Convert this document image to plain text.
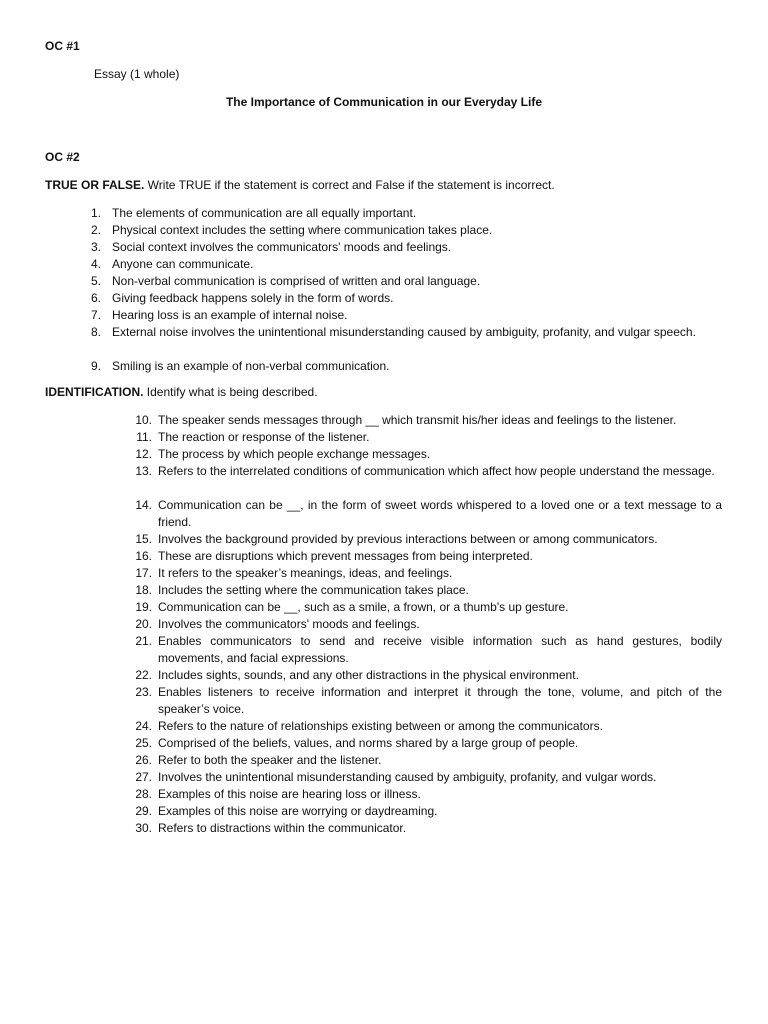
OC #1
Essay (1 whole)
The Importance of Communication in our Everyday Life
OC #2
TRUE OR FALSE. Write TRUE if the statement is correct and False if the statement is incorrect.
1. The elements of communication are all equally important.
2. Physical context includes the setting where communication takes place.
3. Social context involves the communicators' moods and feelings.
4. Anyone can communicate.
5. Non-verbal communication is comprised of written and oral language.
6. Giving feedback happens solely in the form of words.
7. Hearing loss is an example of internal noise.
8. External noise involves the unintentional misunderstanding caused by ambiguity, profanity, and vulgar speech.
9. Smiling is an example of non-verbal communication.
IDENTIFICATION. Identify what is being described.
10. The speaker sends messages through __ which transmit his/her ideas and feelings to the listener.
11. The reaction or response of the listener.
12. The process by which people exchange messages.
13. Refers to the interrelated conditions of communication which affect how people understand the message.
14. Communication can be __, in the form of sweet words whispered to a loved one or a text message to a friend.
15. Involves the background provided by previous interactions between or among communicators.
16. These are disruptions which prevent messages from being interpreted.
17. It refers to the speaker’s meanings, ideas, and feelings.
18. Includes the setting where the communication takes place.
19. Communication can be __, such as a smile, a frown, or a thumb's up gesture.
20. Involves the communicators' moods and feelings.
21. Enables communicators to send and receive visible information such as hand gestures, bodily movements, and facial expressions.
22. Includes sights, sounds, and any other distractions in the physical environment.
23. Enables listeners to receive information and interpret it through the tone, volume, and pitch of the speaker’s voice.
24. Refers to the nature of relationships existing between or among the communicators.
25. Comprised of the beliefs, values, and norms shared by a large group of people.
26. Refer to both the speaker and the listener.
27. Involves the unintentional misunderstanding caused by ambiguity, profanity, and vulgar words.
28. Examples of this noise are hearing loss or illness.
29. Examples of this noise are worrying or daydreaming.
30. Refers to distractions within the communicator.
